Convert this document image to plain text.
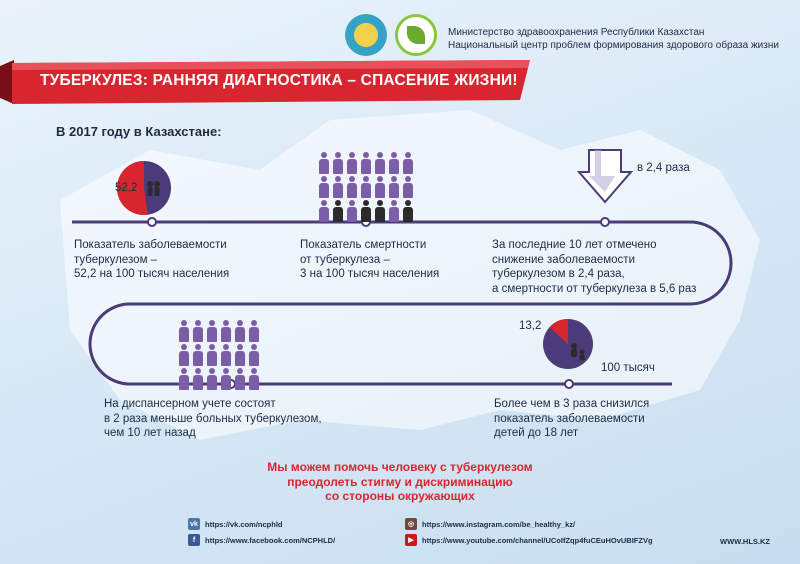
Министерство здравоохранения Республики Казахстан
Национальный центр проблем формирования здорового образа жизни
ТУБЕРКУЛЕЗ: РАННЯЯ ДИАГНОСТИКА – СПАСЕНИЕ ЖИЗНИ!
В 2017 году в Казахстане:
52,2
в 2,4 раза
13,2
100 тысяч
Показатель заболеваемости
туберкулезом –
52,2 на 100 тысяч населения
Показатель смертности
от туберкулеза –
3 на 100 тысяч населения
За последние 10 лет отмечено
снижение заболеваемости
туберкулезом в 2,4 раза,
а смертности от туберкулеза в 5,6 раз
На диспансерном учете состоят
в 2 раза меньше больных туберкулезом,
чем 10 лет назад
Более чем в 3 раза снизился
показатель заболеваемости
детей до 18 лет
Мы можем помочь человеку с туберкулезом
преодолеть стигму и дискриминацию
со стороны окружающих
vk https://vk.com/ncphld
f	https://www.facebook.com/NCPHLD/
◎	https://www.instagram.com/be_healthy_kz/
▶	https://www.youtube.com/channel/UCoIfZqp4fuCEuHOvUBIFZVg	WWW.HLS.KZ
